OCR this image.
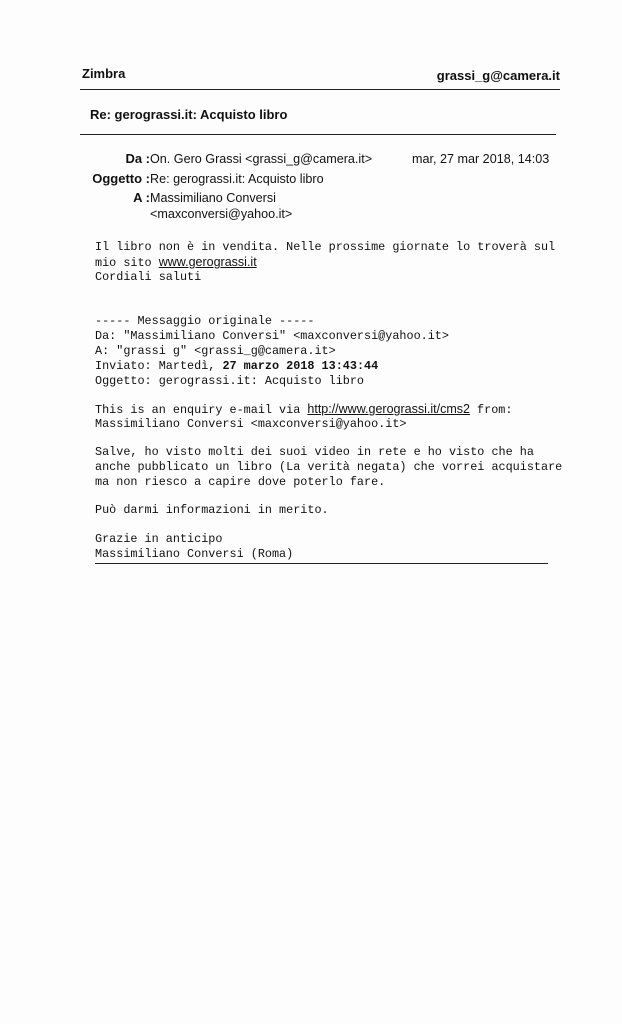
Zimbra	grassi_g@camera.it
Re: gerograssi.it: Acquisto libro
Da : On. Gero Grassi <grassi_g@camera.it>	mar, 27 mar 2018, 14:03
Oggetto : Re: gerograssi.it: Acquisto libro
A : Massimiliano Conversi
<maxconversi@yahoo.it>
Il libro non è in vendita. Nelle prossime giornate lo troverà sul
mio sito www.gerograssi.it
Cordiali saluti
----- Messaggio originale -----
Da: "Massimiliano Conversi" <maxconversi@yahoo.it>
A: "grassi g" <grassi_g@camera.it>
Inviato: Martedì, 27 marzo 2018 13:43:44
Oggetto: gerograssi.it: Acquisto libro
This is an enquiry e-mail via http://www.gerograssi.it/cms2 from:
Massimiliano Conversi <maxconversi@yahoo.it>
Salve, ho visto molti dei suoi video in rete e ho visto che ha
anche pubblicato un libro (La verità negata) che vorrei acquistare
ma non riesco a capire dove poterlo fare.
Può darmi informazioni in merito.
Grazie in anticipo
Massimiliano Conversi (Roma)
